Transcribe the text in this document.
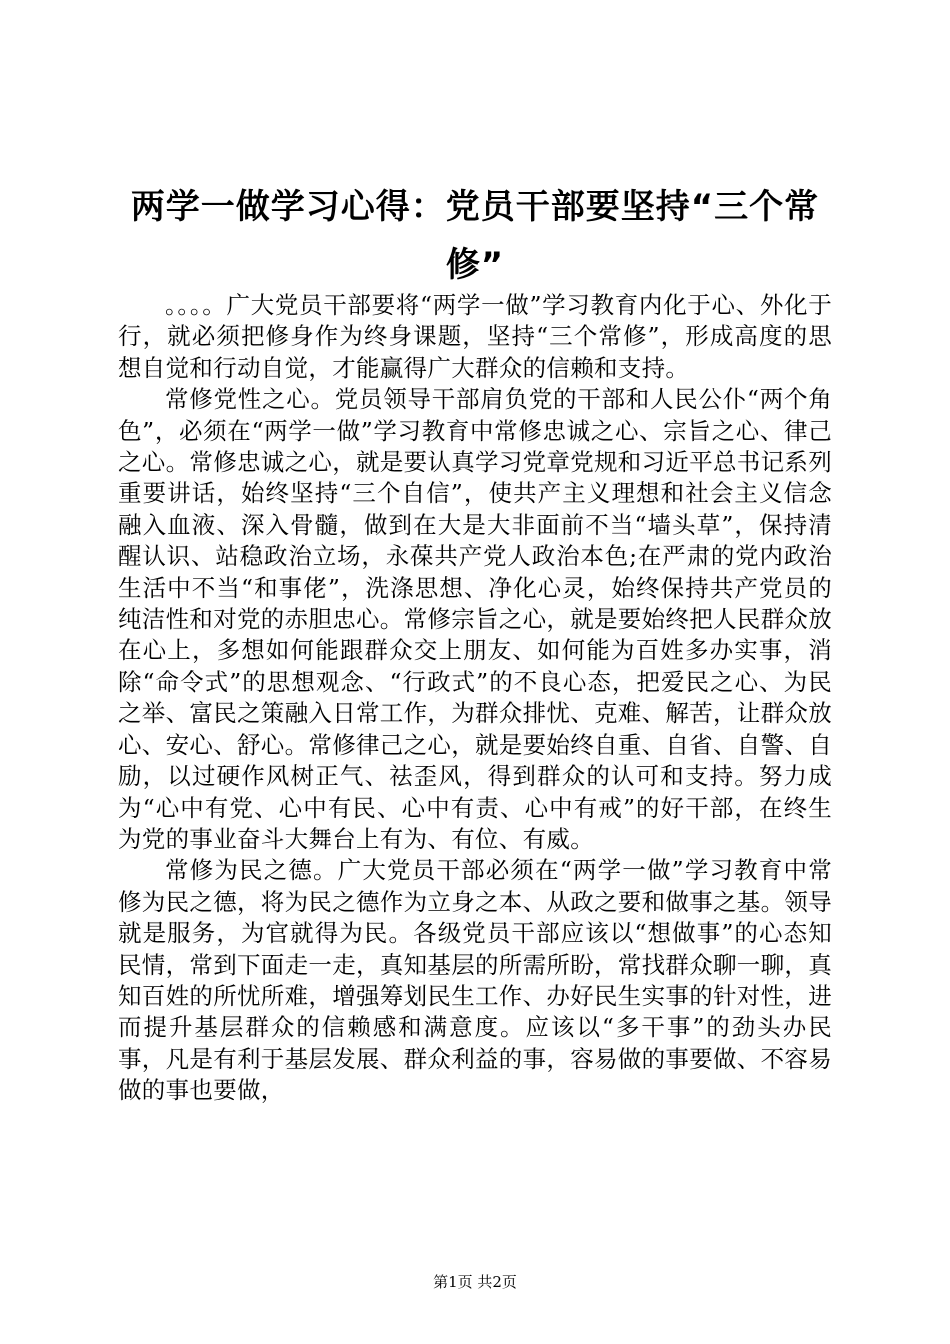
两学一做学习心得：党员干部要坚持“三个常修”

。。。。广大党员干部要将“两学一做”学习教育内化于心、外化于行，就必须把修身作为终身课题，坚持“三个常修”，形成高度的思想自觉和行动自觉，才能赢得广大群众的信赖和支持。

常修党性之心。党员领导干部肩负党的干部和人民公仆“两个角色”，必须在“两学一做”学习教育中常修忠诚之心、宗旨之心、律己之心。常修忠诚之心，就是要认真学习党章党规和习近平总书记系列重要讲话，始终坚持“三个自信”，使共产主义理想和社会主义信念融入血液、深入骨髓，做到在大是大非面前不当“墙头草”，保持清醒认识、站稳政治立场，永葆共产党人政治本色;在严肃的党内政治生活中不当“和事佬”，洗涤思想、净化心灵，始终保持共产党员的纯洁性和对党的赤胆忠心。常修宗旨之心，就是要始终把人民群众放在心上，多想如何能跟群众交上朋友、如何能为百姓多办实事，消除“命令式”的思想观念、“行政式”的不良心态，把爱民之心、为民之举、富民之策融入日常工作，为群众排忧、克难、解苦，让群众放心、安心、舒心。常修律己之心，就是要始终自重、自省、自警、自励，以过硬作风树正气、祛歪风，得到群众的认可和支持。努力成为“心中有党、心中有民、心中有责、心中有戒”的好干部，在终生为党的事业奋斗大舞台上有为、有位、有威。

常修为民之德。广大党员干部必须在“两学一做”学习教育中常修为民之德，将为民之德作为立身之本、从政之要和做事之基。领导就是服务，为官就得为民。各级党员干部应该以“想做事”的心态知民情，常到下面走一走，真知基层的所需所盼，常找群众聊一聊，真知百姓的所忧所难，增强筹划民生工作、办好民生实事的针对性，进而提升基层群众的信赖感和满意度。应该以“多干事”的劲头办民事，凡是有利于基层发展、群众利益的事，容易做的事要做、不容易做的事也要做，

第1页 共2页
